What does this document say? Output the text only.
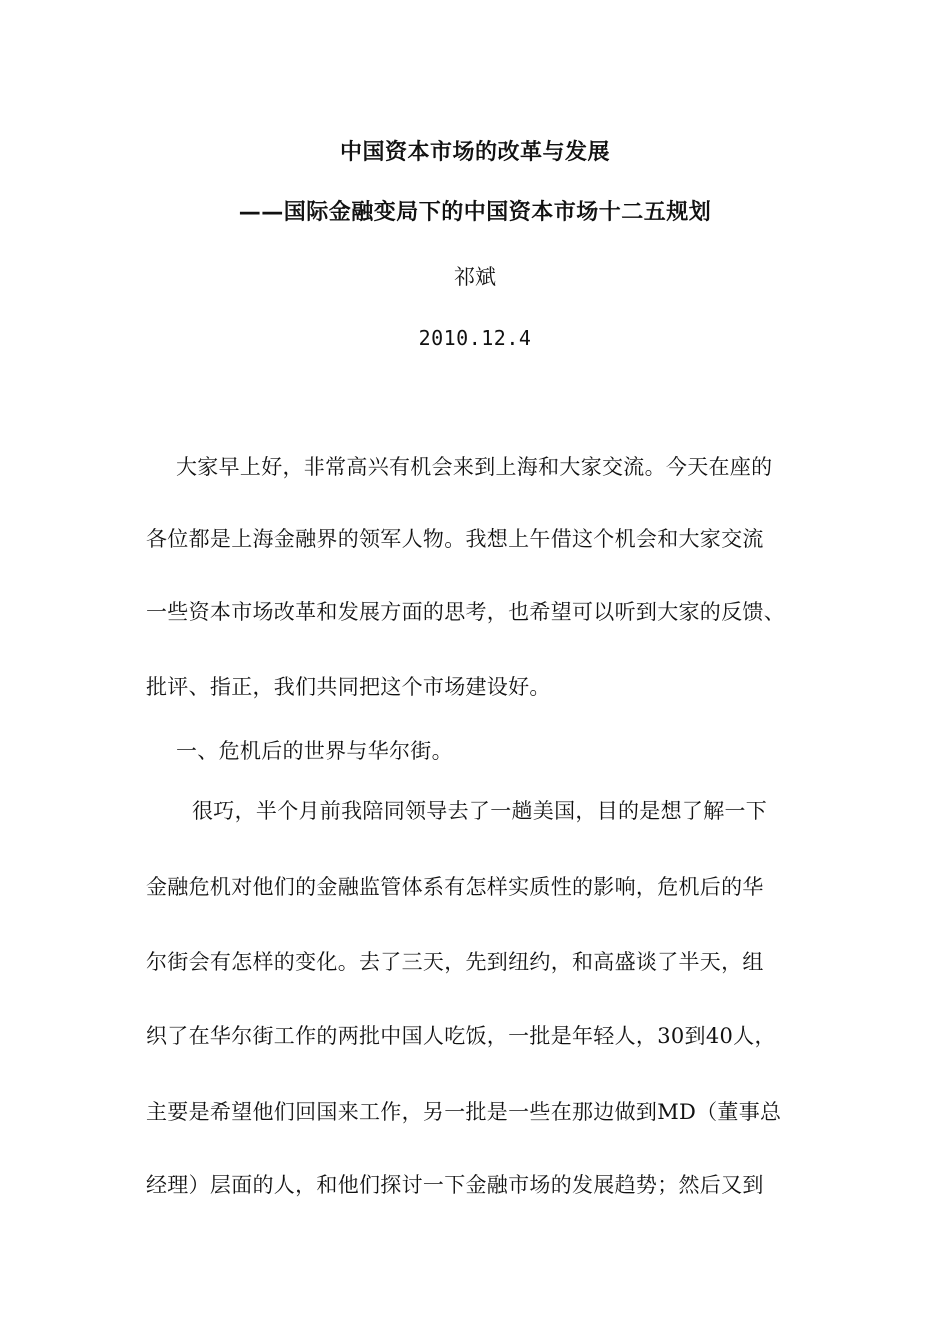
中国资本市场的改革与发展
——国际金融变局下的中国资本市场十二五规划
祁斌
2010.12.4
大家早上好，非常高兴有机会来到上海和大家交流。今天在座的
各位都是上海金融界的领军人物。我想上午借这个机会和大家交流
一些资本市场改革和发展方面的思考，也希望可以听到大家的反馈、
批评、指正，我们共同把这个市场建设好。
一、危机后的世界与华尔街。
很巧，半个月前我陪同领导去了一趟美国，目的是想了解一下
金融危机对他们的金融监管体系有怎样实质性的影响，危机后的华
尔街会有怎样的变化。去了三天，先到纽约，和高盛谈了半天，组
织了在华尔街工作的两批中国人吃饭，一批是年轻人，30到40人，
主要是希望他们回国来工作，另一批是一些在那边做到MD（董事总
经理）层面的人，和他们探讨一下金融市场的发展趋势；然后又到
